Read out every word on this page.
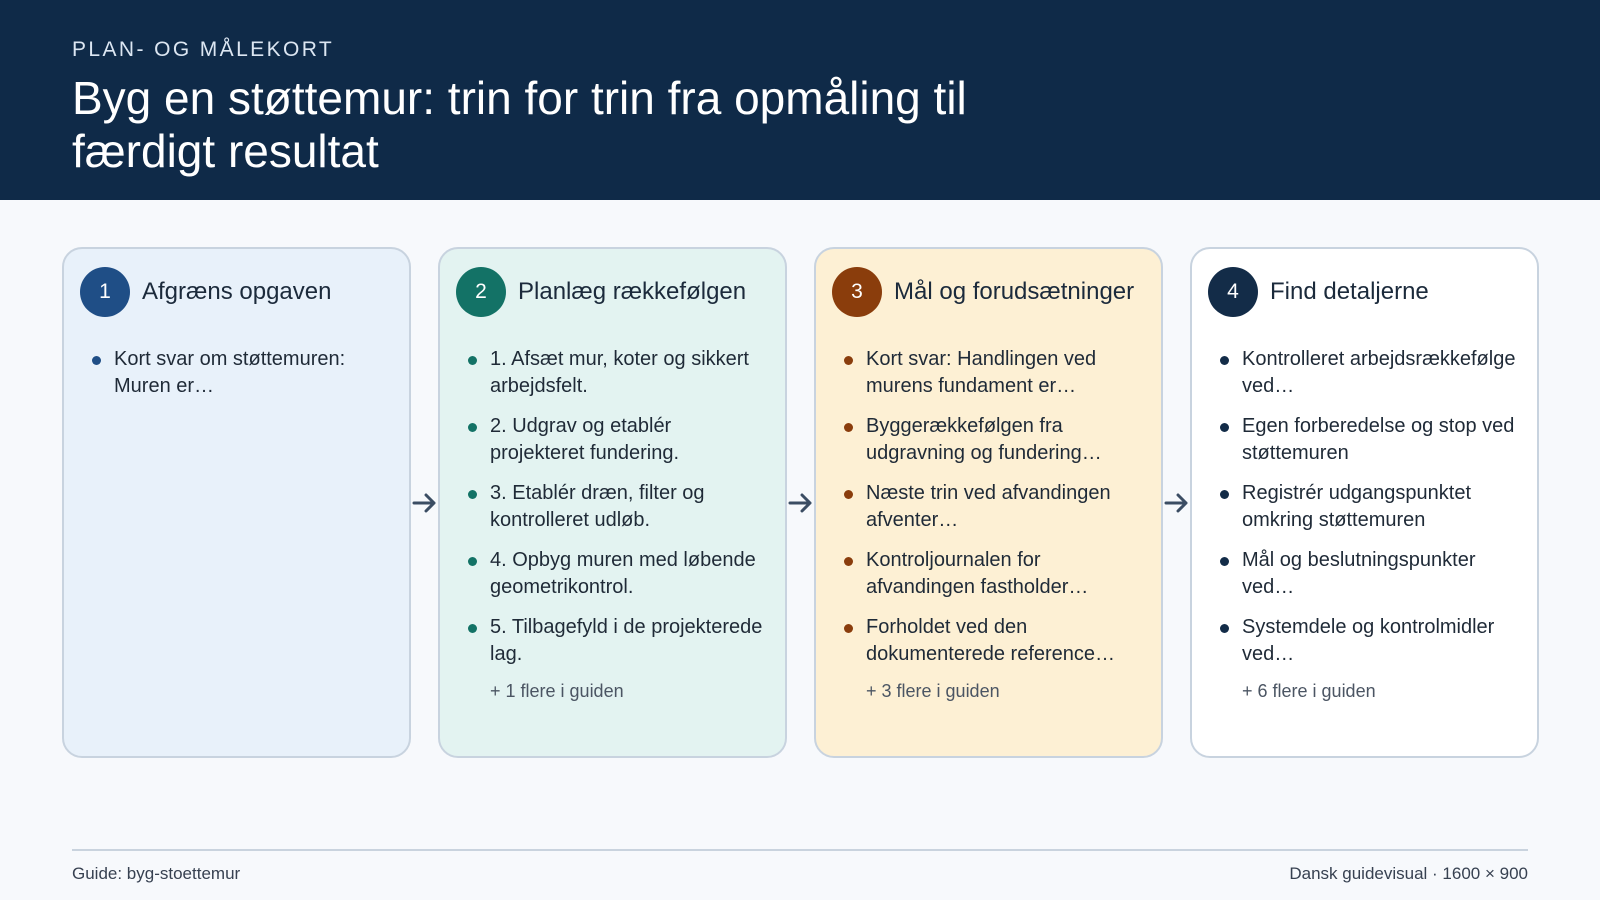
PLAN- OG MÅLEKORT
Byg en støttemur: trin for trin fra opmåling til færdigt resultat
1	Afgræns opgaven
Kort svar om støttemuren: Muren er…
2	Planlæg rækkefølgen
1. Afsæt mur, koter og sikkert arbejdsfelt.
2. Udgrav og etablér projekteret fundering.
3. Etablér dræn, filter og kontrolleret udløb.
4. Opbyg muren med løbende geometrikontrol.
5. Tilbagefyld i de projekterede lag.
+ 1 flere i guiden
3	Mål og forudsætninger
Kort svar: Handlingen ved murens fundament er…
Byggerækkefølgen fra udgravning og fundering…
Næste trin ved afvandingen afventer…
Kontroljournalen for afvandingen fastholder…
Forholdet ved den dokumenterede reference…
+ 3 flere i guiden
4	Find detaljerne
Kontrolleret arbejdsrækkefølge ved…
Egen forberedelse og stop ved støttemuren
Registrér udgangspunktet omkring støttemuren
Mål og beslutningspunkter ved…
Systemdele og kontrolmidler ved…
+ 6 flere i guiden
Guide: byg-stoettemur	Dansk guidevisual · 1600 × 900
